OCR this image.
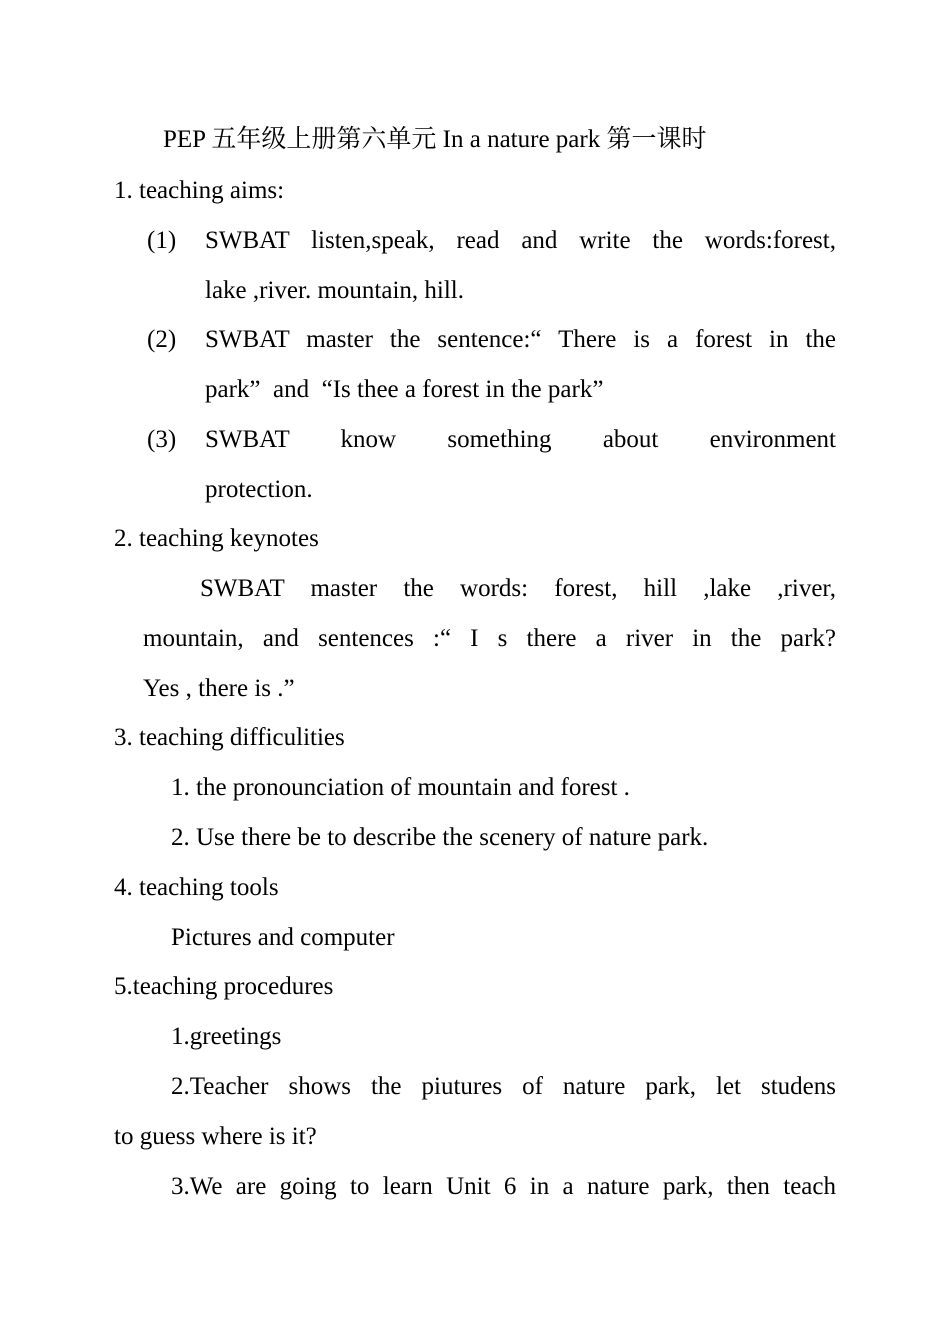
PEP 五年级上册第六单元 In a nature park 第一课时
1. teaching aims:
(1) SWBAT listen,speak, read and write the words:forest,
lake ,river. mountain, hill.
(2) SWBAT master the sentence:“ There is a forest in the
park”  and  “Is thee a forest in the park”
(3) SWBAT know something about environment
protection.
2. teaching keynotes
SWBAT master the words: forest, hill ,lake ,river,
mountain, and sentences :“ I s there a river in the park?
Yes , there is .”
3. teaching difficulities
1. the pronounciation of mountain and forest .
2. Use there be to describe the scenery of nature park.
4. teaching tools
Pictures and computer
5.teaching procedures
1.greetings
2.Teacher shows the piutures of nature park, let studens
to guess where is it?
3.We are going to learn Unit 6 in a nature park, then teach
